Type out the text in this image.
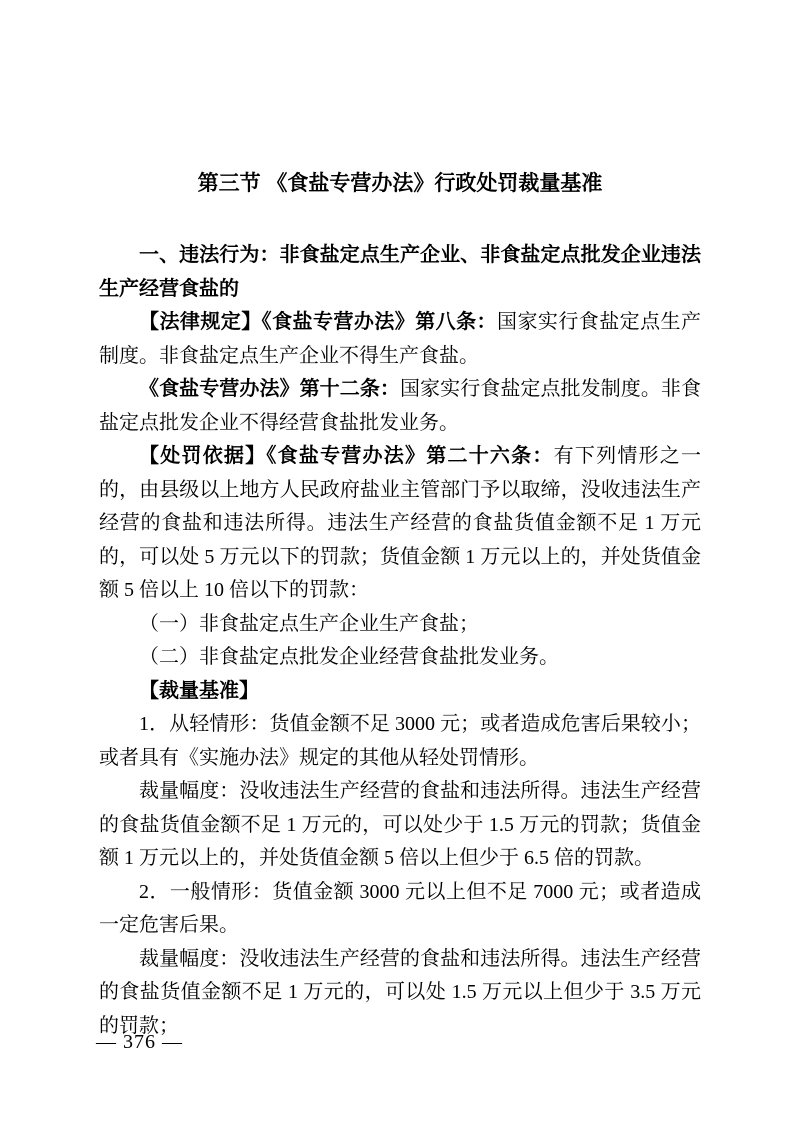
第三节 《食盐专营办法》行政处罚裁量基准
一、违法行为：非食盐定点生产企业、非食盐定点批发企业违法生产经营食盐的

【法律规定】《食盐专营办法》第八条：国家实行食盐定点生产制度。非食盐定点生产企业不得生产食盐。

《食盐专营办法》第十二条：国家实行食盐定点批发制度。非食盐定点批发企业不得经营食盐批发业务。

【处罚依据】《食盐专营办法》第二十六条：有下列情形之一的，由县级以上地方人民政府盐业主管部门予以取缔，没收违法生产经营的食盐和违法所得。违法生产经营的食盐货值金额不足 1 万元的，可以处 5 万元以下的罚款；货值金额 1 万元以上的，并处货值金额 5 倍以上 10 倍以下的罚款：

（一）非食盐定点生产企业生产食盐；

（二）非食盐定点批发企业经营食盐批发业务。

【裁量基准】

1．从轻情形：货值金额不足 3000 元；或者造成危害后果较小；或者具有《实施办法》规定的其他从轻处罚情形。

裁量幅度：没收违法生产经营的食盐和违法所得。违法生产经营的食盐货值金额不足 1 万元的，可以处少于 1.5 万元的罚款；货值金额 1 万元以上的，并处货值金额 5 倍以上但少于 6.5 倍的罚款。

2．一般情形：货值金额 3000 元以上但不足 7000 元；或者造成一定危害后果。

裁量幅度：没收违法生产经营的食盐和违法所得。违法生产经营的食盐货值金额不足 1 万元的，可以处 1.5 万元以上但少于 3.5 万元的罚款；

— 376 —
